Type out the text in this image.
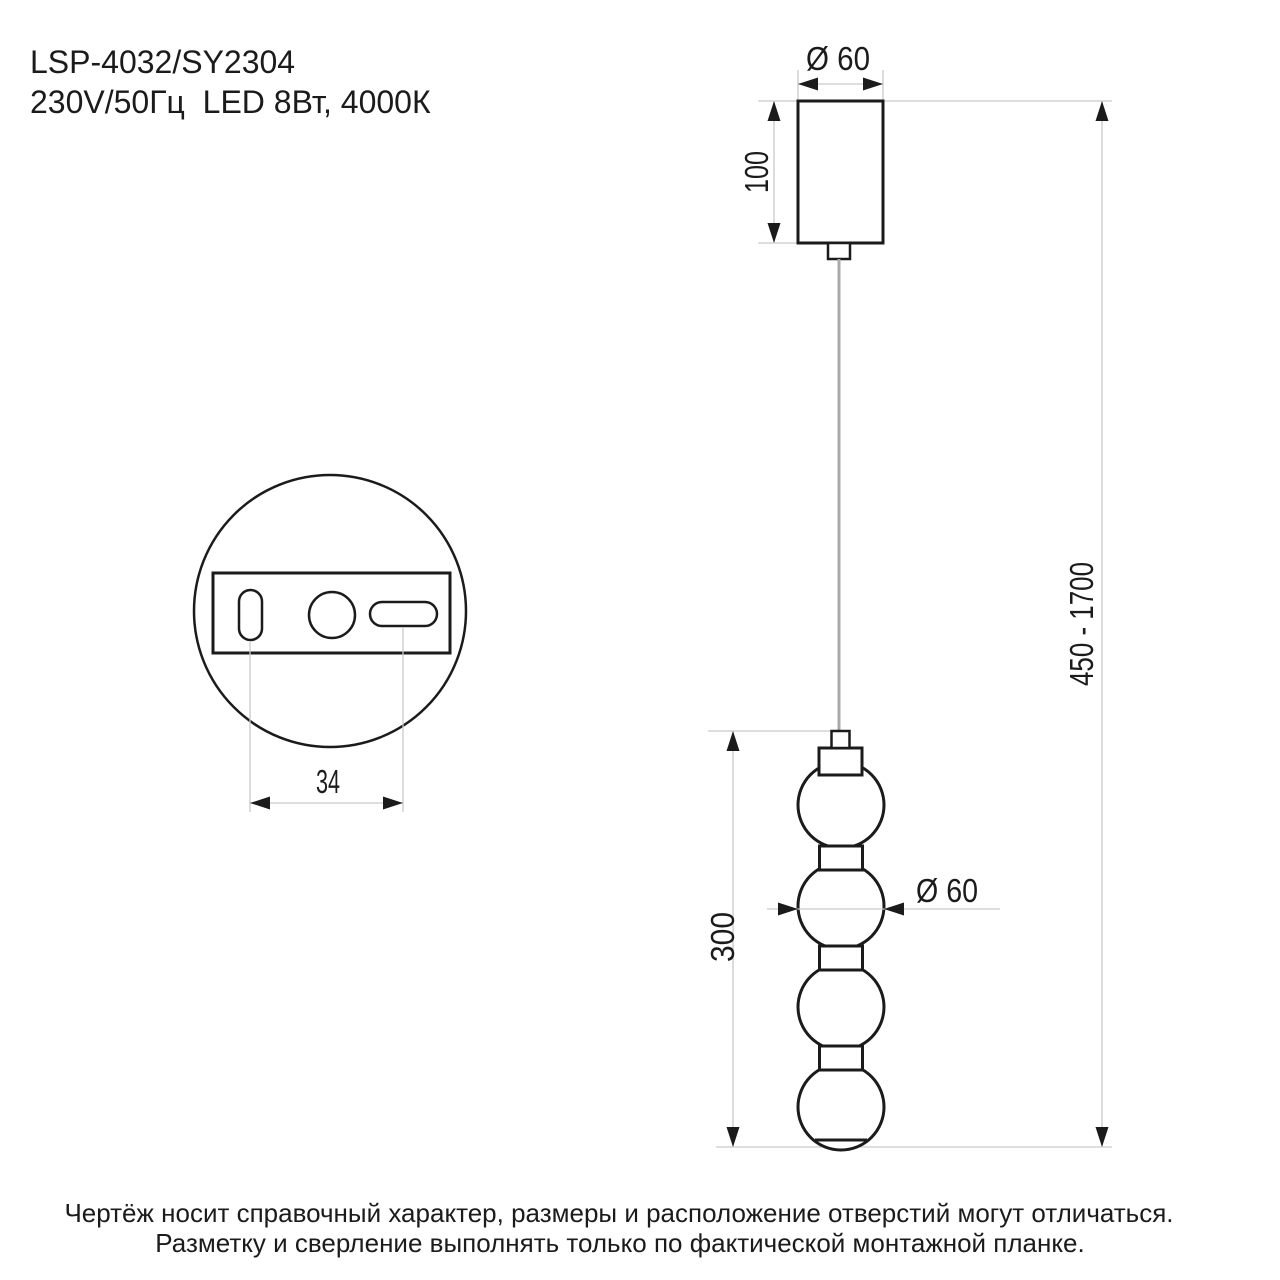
LSP-4032/SY2304
230V/50Гц  LED 8Вт, 4000К
Ø 60
100
450 - 1700
34
300
Ø 60
Чертёж носит справочный характер, размеры и расположение отверстий могут отличаться.
Разметку и сверление выполнять только по фактической монтажной планке.
